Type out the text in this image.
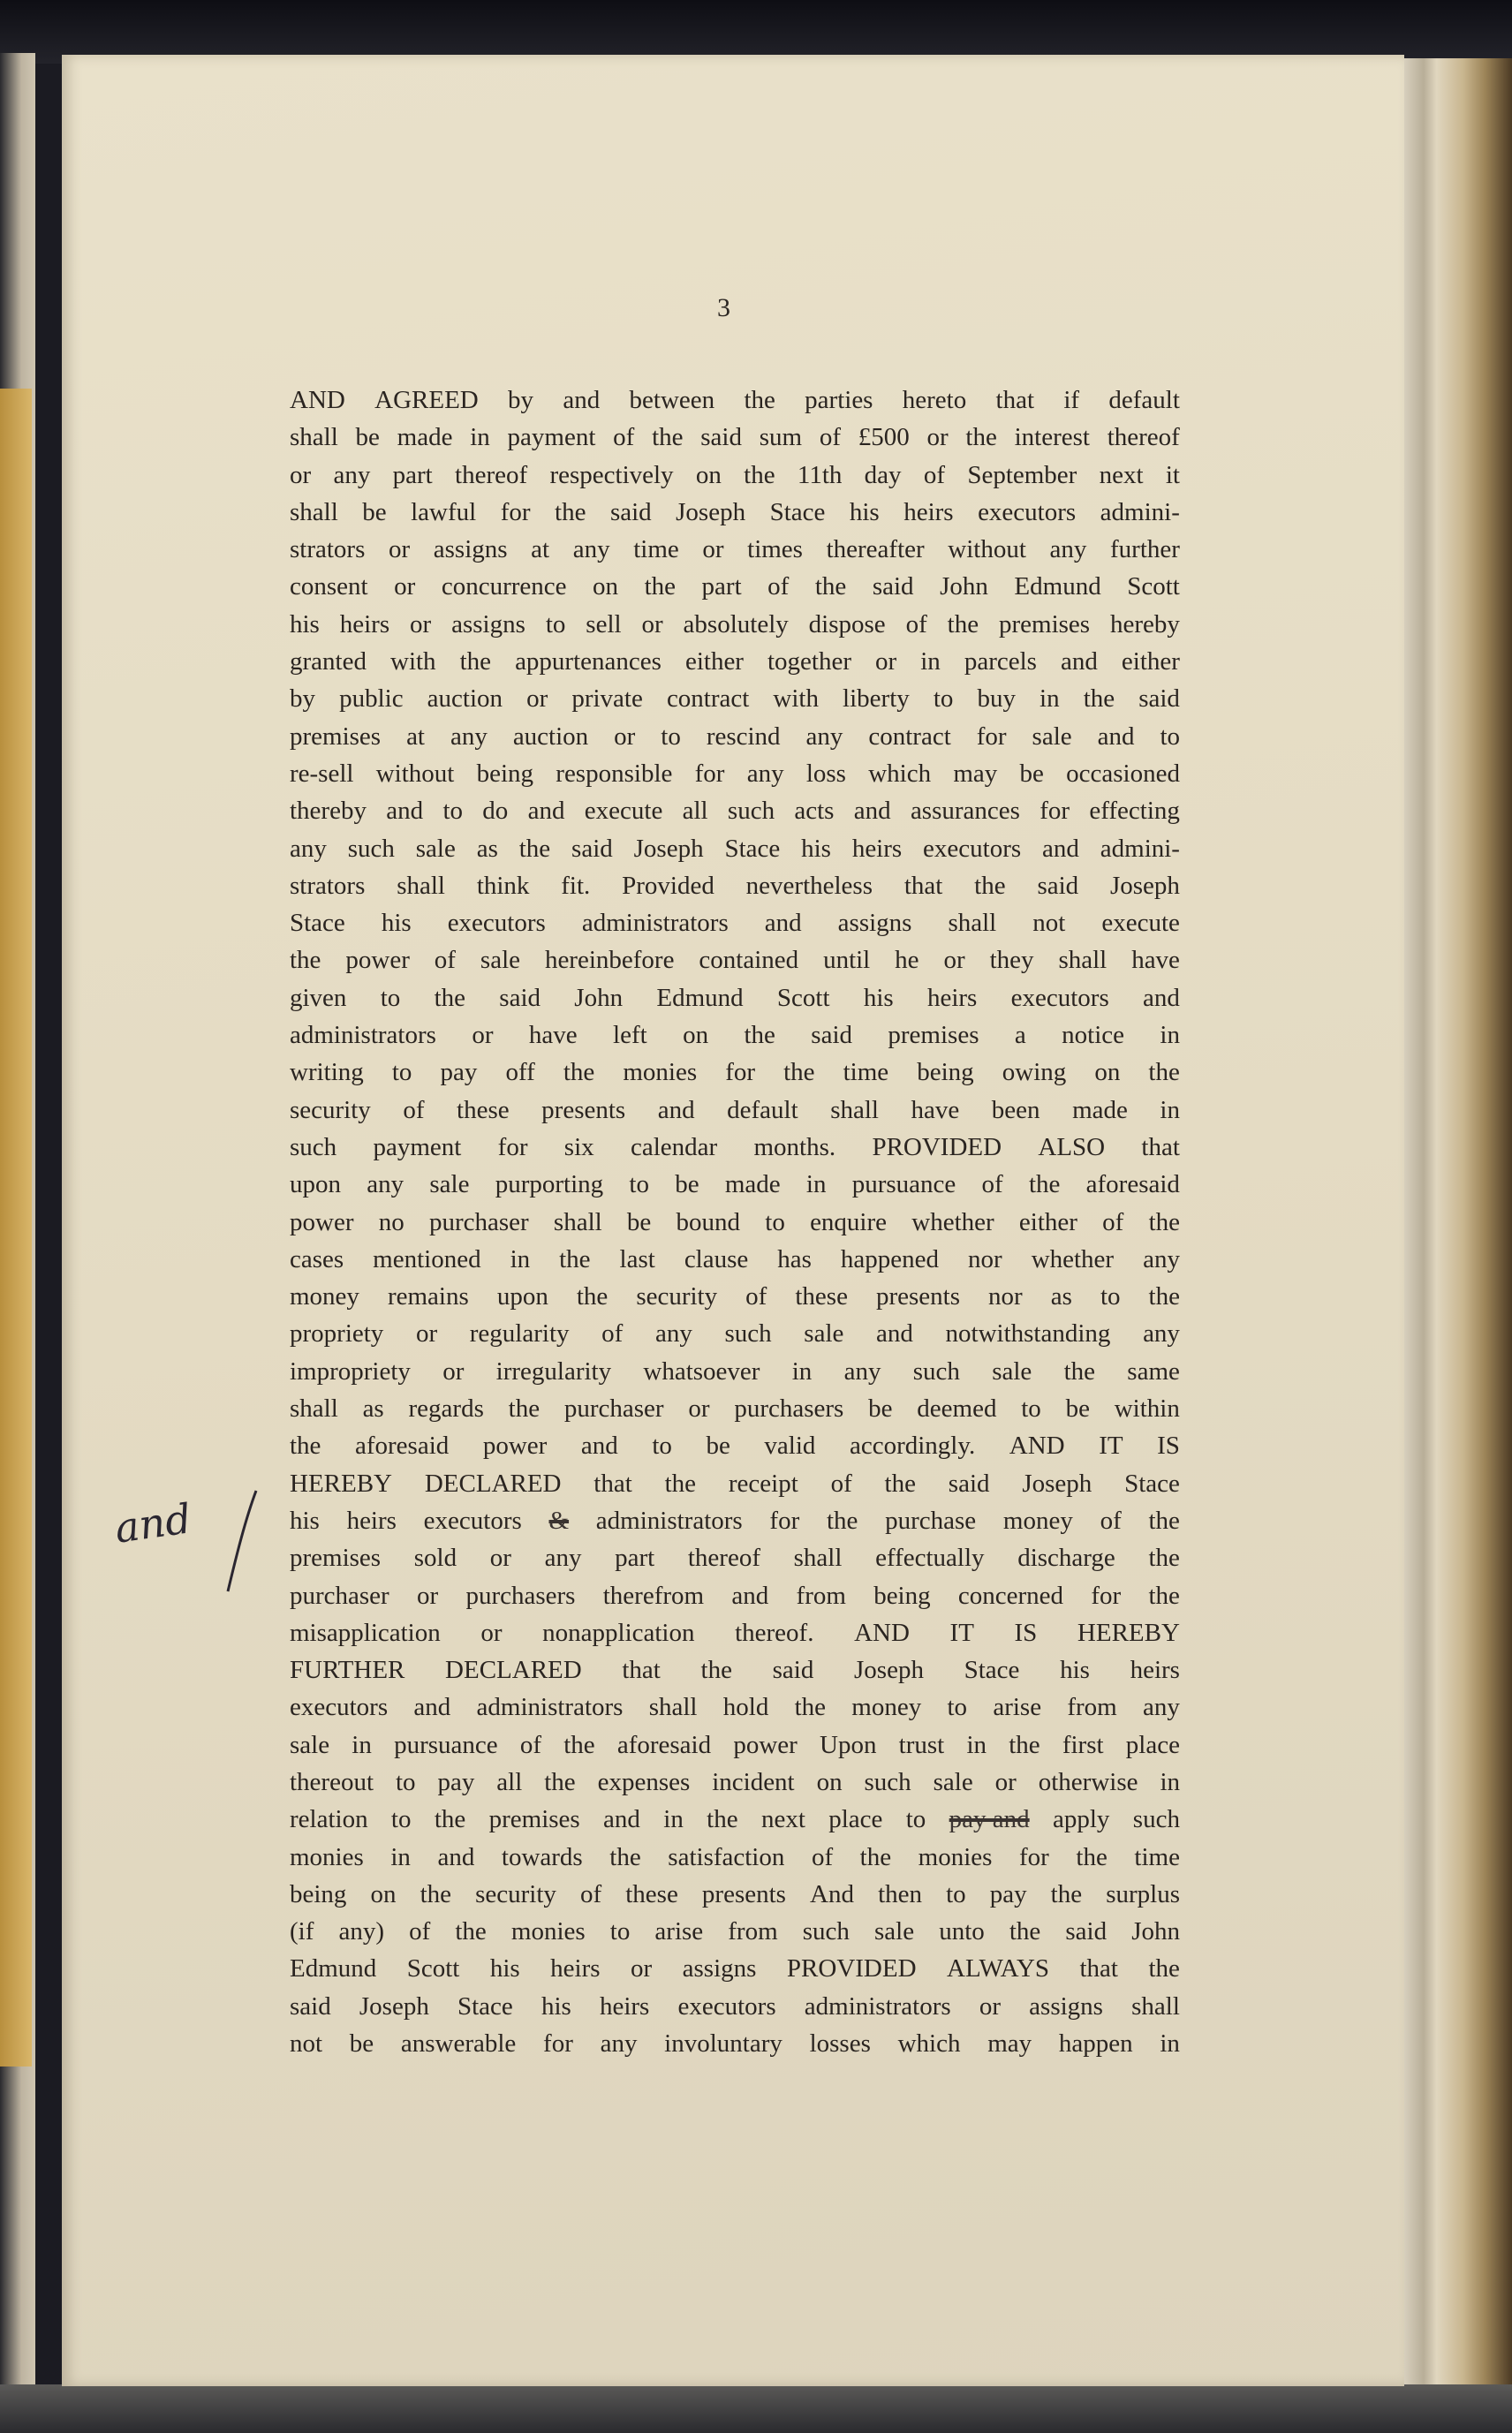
3
and
AND AGREED by and between the parties hereto that if default
shall be made in payment of the said sum of £500 or the interest thereof
or any part thereof respectively on the 11th day of September next it
shall be lawful for the said Joseph Stace his heirs executors admini-
strators or assigns at any time or times thereafter without any further
consent or concurrence on the part of the said John Edmund Scott
his heirs or assigns to sell or absolutely dispose of the premises hereby
granted with the appurtenances either together or in parcels and either
by public auction or private contract with liberty to buy in the said
premises at any auction or to rescind any contract for sale and to
re-sell without being responsible for any loss which may be occasioned
thereby and to do and execute all such acts and assurances for effecting
any such sale as the said Joseph Stace his heirs executors and admini-
strators shall think fit. Provided nevertheless that the said Joseph
Stace his executors administrators and assigns shall not execute
the power of sale hereinbefore contained until he or they shall have
given to the said John Edmund Scott his heirs executors and
administrators or have left on the said premises a notice in
writing to pay off the monies for the time being owing on the
security of these presents and default shall have been made in
such payment for six calendar months. PROVIDED ALSO that
upon any sale purporting to be made in pursuance of the aforesaid
power no purchaser shall be bound to enquire whether either of the
cases mentioned in the last clause has happened nor whether any
money remains upon the security of these presents nor as to the
propriety or regularity of any such sale and notwithstanding any
impropriety or irregularity whatsoever in any such sale the same
shall as regards the purchaser or purchasers be deemed to be within
the aforesaid power and to be valid accordingly. AND IT IS
HEREBY DECLARED that the receipt of the said Joseph Stace
his heirs executors & administrators for the purchase money of the
premises sold or any part thereof shall effectually discharge the
purchaser or purchasers therefrom and from being concerned for the
misapplication or nonapplication thereof. AND IT IS HEREBY
FURTHER DECLARED that the said Joseph Stace his heirs
executors and administrators shall hold the money to arise from any
sale in pursuance of the aforesaid power Upon trust in the first place
thereout to pay all the expenses incident on such sale or otherwise in
relation to the premises and in the next place to pay and apply such
monies in and towards the satisfaction of the monies for the time
being on the security of these presents And then to pay the surplus
(if any) of the monies to arise from such sale unto the said John
Edmund Scott his heirs or assigns PROVIDED ALWAYS that the
said Joseph Stace his heirs executors administrators or assigns shall
not be answerable for any involuntary losses which may happen in
